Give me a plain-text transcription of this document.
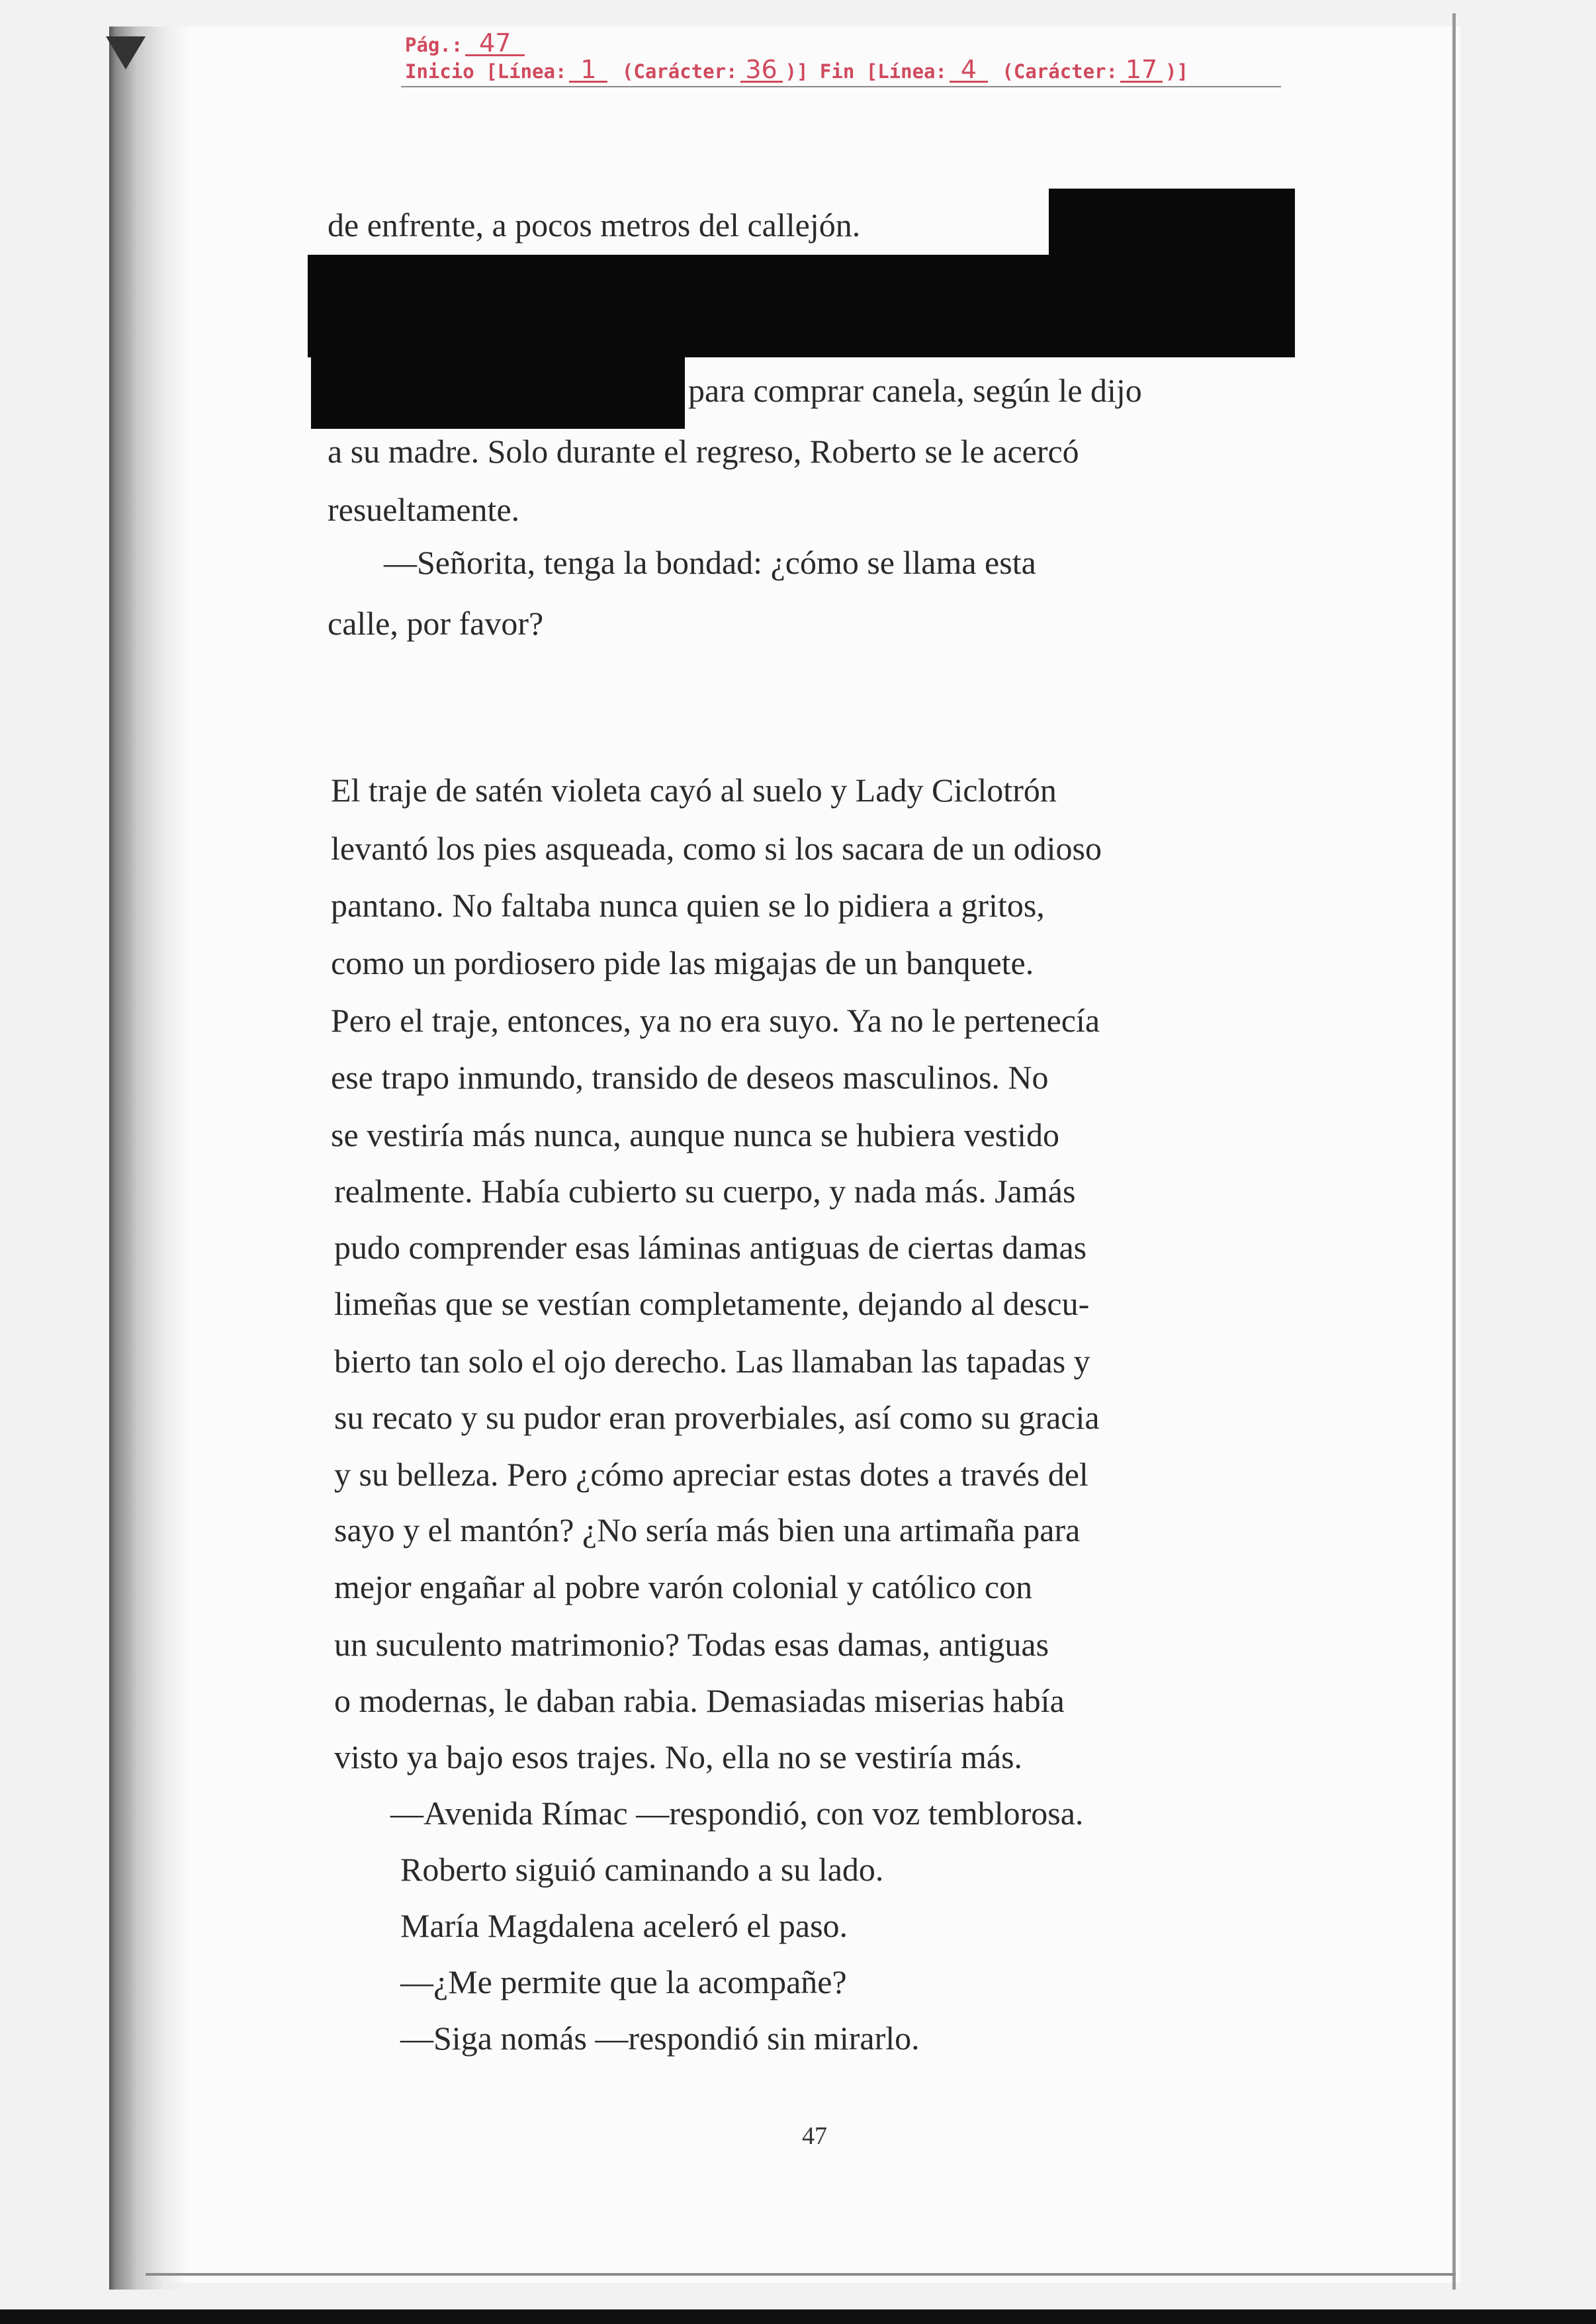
Pág.: 47
Inicio [Línea: 1 (Carácter: 36 )] Fin [Línea: 4 (Carácter: 17 )]
de enfrente, a pocos metros del callejón.
para comprar canela, según le dijo
a su madre. Solo durante el regreso, Roberto se le acercó
resueltamente.
—Señorita, tenga la bondad: ¿cómo se llama esta
calle, por favor?
El traje de satén violeta cayó al suelo y Lady Ciclotrón
levantó los pies asqueada, como si los sacara de un odioso
pantano. No faltaba nunca quien se lo pidiera a gritos,
como un pordiosero pide las migajas de un banquete.
Pero el traje, entonces, ya no era suyo. Ya no le pertenecía
ese trapo inmundo, transido de deseos masculinos. No
se vestiría más nunca, aunque nunca se hubiera vestido
realmente. Había cubierto su cuerpo, y nada más. Jamás
pudo comprender esas láminas antiguas de ciertas damas
limeñas que se vestían completamente, dejando al descu-
bierto tan solo el ojo derecho. Las llamaban las tapadas y
su recato y su pudor eran proverbiales, así como su gracia
y su belleza. Pero ¿cómo apreciar estas dotes a través del
sayo y el mantón? ¿No sería más bien una artimaña para
mejor engañar al pobre varón colonial y católico con
un suculento matrimonio? Todas esas damas, antiguas
o modernas, le daban rabia. Demasiadas miserias había
visto ya bajo esos trajes. No, ella no se vestiría más.
—Avenida Rímac —respondió, con voz temblorosa.
Roberto siguió caminando a su lado.
María Magdalena aceleró el paso.
—¿Me permite que la acompañe?
—Siga nomás —respondió sin mirarlo.
47
